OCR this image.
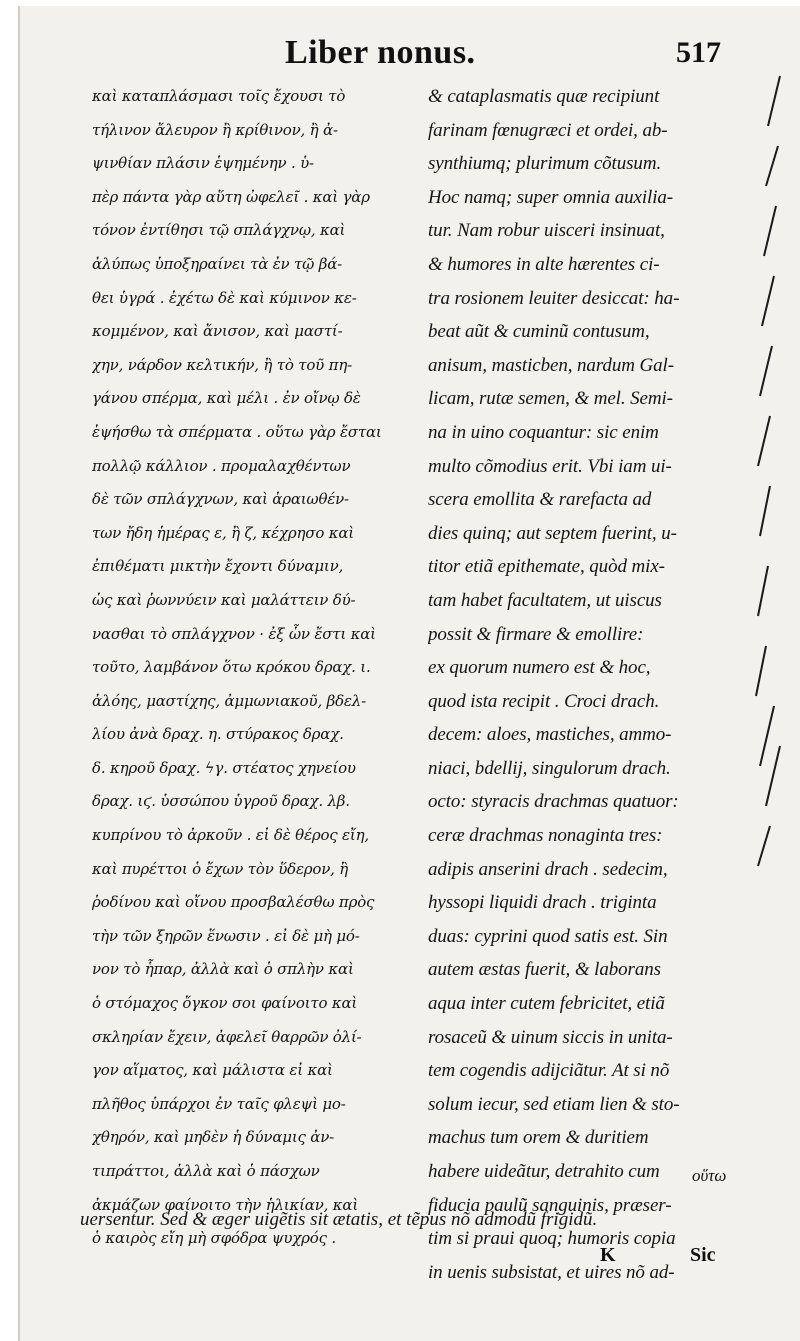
Liber nonus.	517
καὶ καταπλάσμασι τοῖς ἔχουσι τὸ
τήλινον ἄλευρον ἢ κρίθινον, ἢ ἀ-
ψινθίαν πλάσιν ἑψημένην . ὑ-
πὲρ πάντα γὰρ αὕτη ὠφελεῖ . καὶ γὰρ
τόνον ἐντίθησι τῷ σπλάγχνῳ, καὶ
ἀλύπως ὑποξηραίνει τὰ ἐν τῷ βά-
θει ὑγρά . ἐχέτω δὲ καὶ κύμινον κε-
κομμένον, καὶ ἄνισον, καὶ μαστί-
χην, νάρδον κελτικήν, ἢ τὸ τοῦ πη-
γάνου σπέρμα, καὶ μέλι . ἐν οἴνῳ δὲ
ἑψήσθω τὰ σπέρματα . οὕτω γὰρ ἔσται
πολλῷ κάλλιον . προμαλαχθέντων
δὲ τῶν σπλάγχνων, καὶ ἀραιωθέν-
των ἤδη ἡμέρας ε, ἢ ζ, κέχρησο καὶ
ἐπιθέματι μικτὴν ἔχοντι δύναμιν,
ὡς καὶ ῥωννύειν καὶ μαλάττειν δύ-
νασθαι τὸ σπλάγχνον · ἐξ ὧν ἔστι καὶ
τοῦτο, λαμβάνον ὅτω κρόκου δραχ. ι.
ἀλόης, μαστίχης, ἀμμωνιακοῦ, βδελ-
λίου ἀνὰ δραχ. η. στύρακος δραχ.
δ. κηροῦ δραχ. ϟγ. στέατος χηνείου
δραχ. ιϛ. ὑσσώπου ὑγροῦ δραχ. λβ.
κυπρίνου τὸ ἀρκοῦν . εἰ δὲ θέρος εἴη,
καὶ πυρέττοι ὁ ἔχων τὸν ὕδερον, ἢ
ῥοδίνου καὶ οἴνου προσβαλέσθω πρὸς
τὴν τῶν ξηρῶν ἕνωσιν . εἰ δὲ μὴ μό-
νον τὸ ἧπαρ, ἀλλὰ καὶ ὁ σπλὴν καὶ
ὁ στόμαχος ὄγκον σοι φαίνοιτο καὶ
σκληρίαν ἔχειν, ἀφελεῖ θαρρῶν ὀλί-
γον αἵματος, καὶ μάλιστα εἰ καὶ
πλῆθος ὑπάρχοι ἐν ταῖς φλεψὶ μο-
χθηρόν, καὶ μηδὲν ἡ δύναμις ἀν-
τιπράττοι, ἀλλὰ καὶ ὁ πάσχων
ἀκμάζων φαίνοιτο τὴν ἡλικίαν, καὶ
ὁ καιρὸς εἴη μὴ σφόδρα ψυχρός .
& cataplasmatis quæ recipiunt
farinam fœnugræci et ordei, ab-
synthiumq; plurimum cõtusum.
Hoc namq; super omnia auxilia-
tur. Nam robur uisceri insinuat,
& humores in alte hærentes ci-
tra rosionem leuiter desiccat: ha-
beat aũt & cuminũ contusum,
anisum, masticben, nardum Gal-
licam, rutæ semen, & mel. Semi-
na in uino coquantur: sic enim
multo cõmodius erit. Vbi iam ui-
scera emollita & rarefacta ad
dies quinq; aut septem fuerint, u-
titor etiã epithemate, quòd mix-
tam habet facultatem, ut uiscus
possit & firmare & emollire:
ex quorum numero est & hoc,
quod ista recipit . Croci drach.
decem: aloes, mastiches, ammo-
niaci, bdellij, singulorum drach.
octo: styracis drachmas quatuor:
ceræ drachmas nonaginta tres:
adipis anserini drach . sedecim,
hyssopi liquidi drach . triginta
duas: cyprini quod satis est. Sin
autem æstas fuerit, & laborans
aqua inter cutem febricitet, etiã
rosaceũ & uinum siccis in unita-
tem cogendis adijciãtur. At si nõ
solum iecur, sed etiam lien & sto-
machus tum orem & duritiem
habere uideãtur, detrahito cum
fiducia paulũ sanguinis, præser-
tim si praui quoq; humoris copia
in uenis subsistat, et uires nõ ad-
οὕτω
uersentur. Sed & æger uigẽtis sit ætatis, et tẽpus nõ admodũ frigidũ.
K	Sic
